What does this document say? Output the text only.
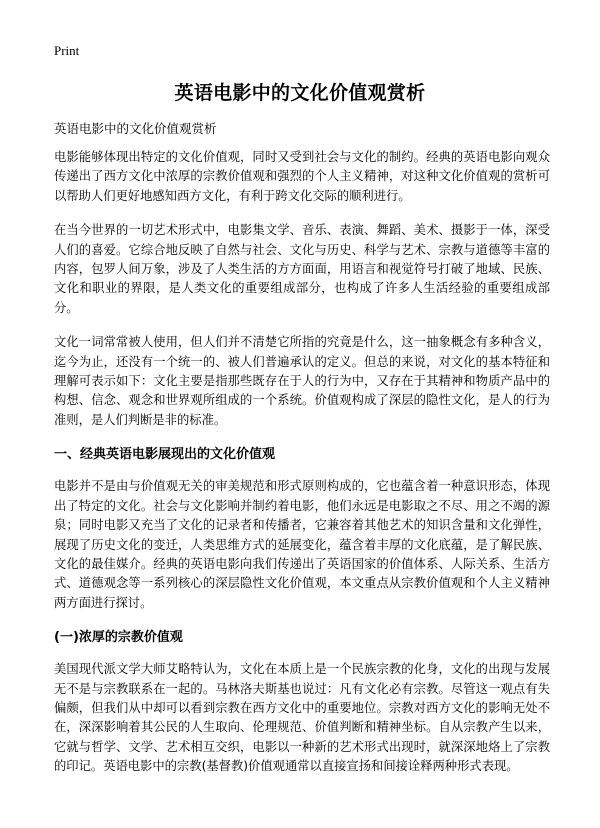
Print
英语电影中的文化价值观赏析
英语电影中的文化价值观赏析

电影能够体现出特定的文化价值观，同时又受到社会与文化的制约。经典的英语电影向观众传递出了西方文化中浓厚的宗教价值观和强烈的个人主义精神，对这种文化价值观的赏析可以帮助人们更好地感知西方文化，有利于跨文化交际的顺利进行。

在当今世界的一切艺术形式中，电影集文学、音乐、表演、舞蹈、美术、摄影于一体，深受人们的喜爱。它综合地反映了自然与社会、文化与历史、科学与艺术、宗教与道德等丰富的内容，包罗人间万象，涉及了人类生活的方方面面，用语言和视觉符号打破了地域、民族、文化和职业的界限，是人类文化的重要组成部分，也构成了许多人生活经验的重要组成部分。

文化一词常常被人使用，但人们并不清楚它所指的究竟是什么，这一抽象概念有多种含义，迄今为止，还没有一个统一的、被人们普遍承认的定义。但总的来说，对文化的基本特征和理解可表示如下：文化主要是指那些既存在于人的行为中，又存在于其精神和物质产品中的构想、信念、观念和世界观所组成的一个系统。价值观构成了深层的隐性文化，是人的行为准则，是人们判断是非的标准。

一、经典英语电影展现出的文化价值观

电影并不是由与价值观无关的审美规范和形式原则构成的，它也蕴含着一种意识形态，体现出了特定的文化。社会与文化影响并制约着电影，他们永远是电影取之不尽、用之不竭的源泉；同时电影又充当了文化的记录者和传播者，它兼容着其他艺术的知识含量和文化弹性，展现了历史文化的变迁，人类思维方式的延展变化，蕴含着丰厚的文化底蕴，是了解民族、文化的最佳媒介。经典的英语电影向我们传递出了英语国家的价值体系、人际关系、生活方式、道德观念等一系列核心的深层隐性文化价值观，本文重点从宗教价值观和个人主义精神两方面进行探讨。

(一)浓厚的宗教价值观

美国现代派文学大师艾略特认为，文化在本质上是一个民族宗教的化身，文化的出现与发展无不是与宗教联系在一起的。马林洛夫斯基也说过：凡有文化必有宗教。尽管这一观点有失偏颇，但我们从中却可以看到宗教在西方文化中的重要地位。宗教对西方文化的影响无处不在，深深影响着其公民的人生取向、伦理规范、价值判断和精神坐标。自从宗教产生以来，它就与哲学、文学、艺术相互交织，电影以一种新的艺术形式出现时，就深深地烙上了宗教的印记。英语电影中的宗教(基督教)价值观通常以直接宣扬和间接诠释两种形式表现。
